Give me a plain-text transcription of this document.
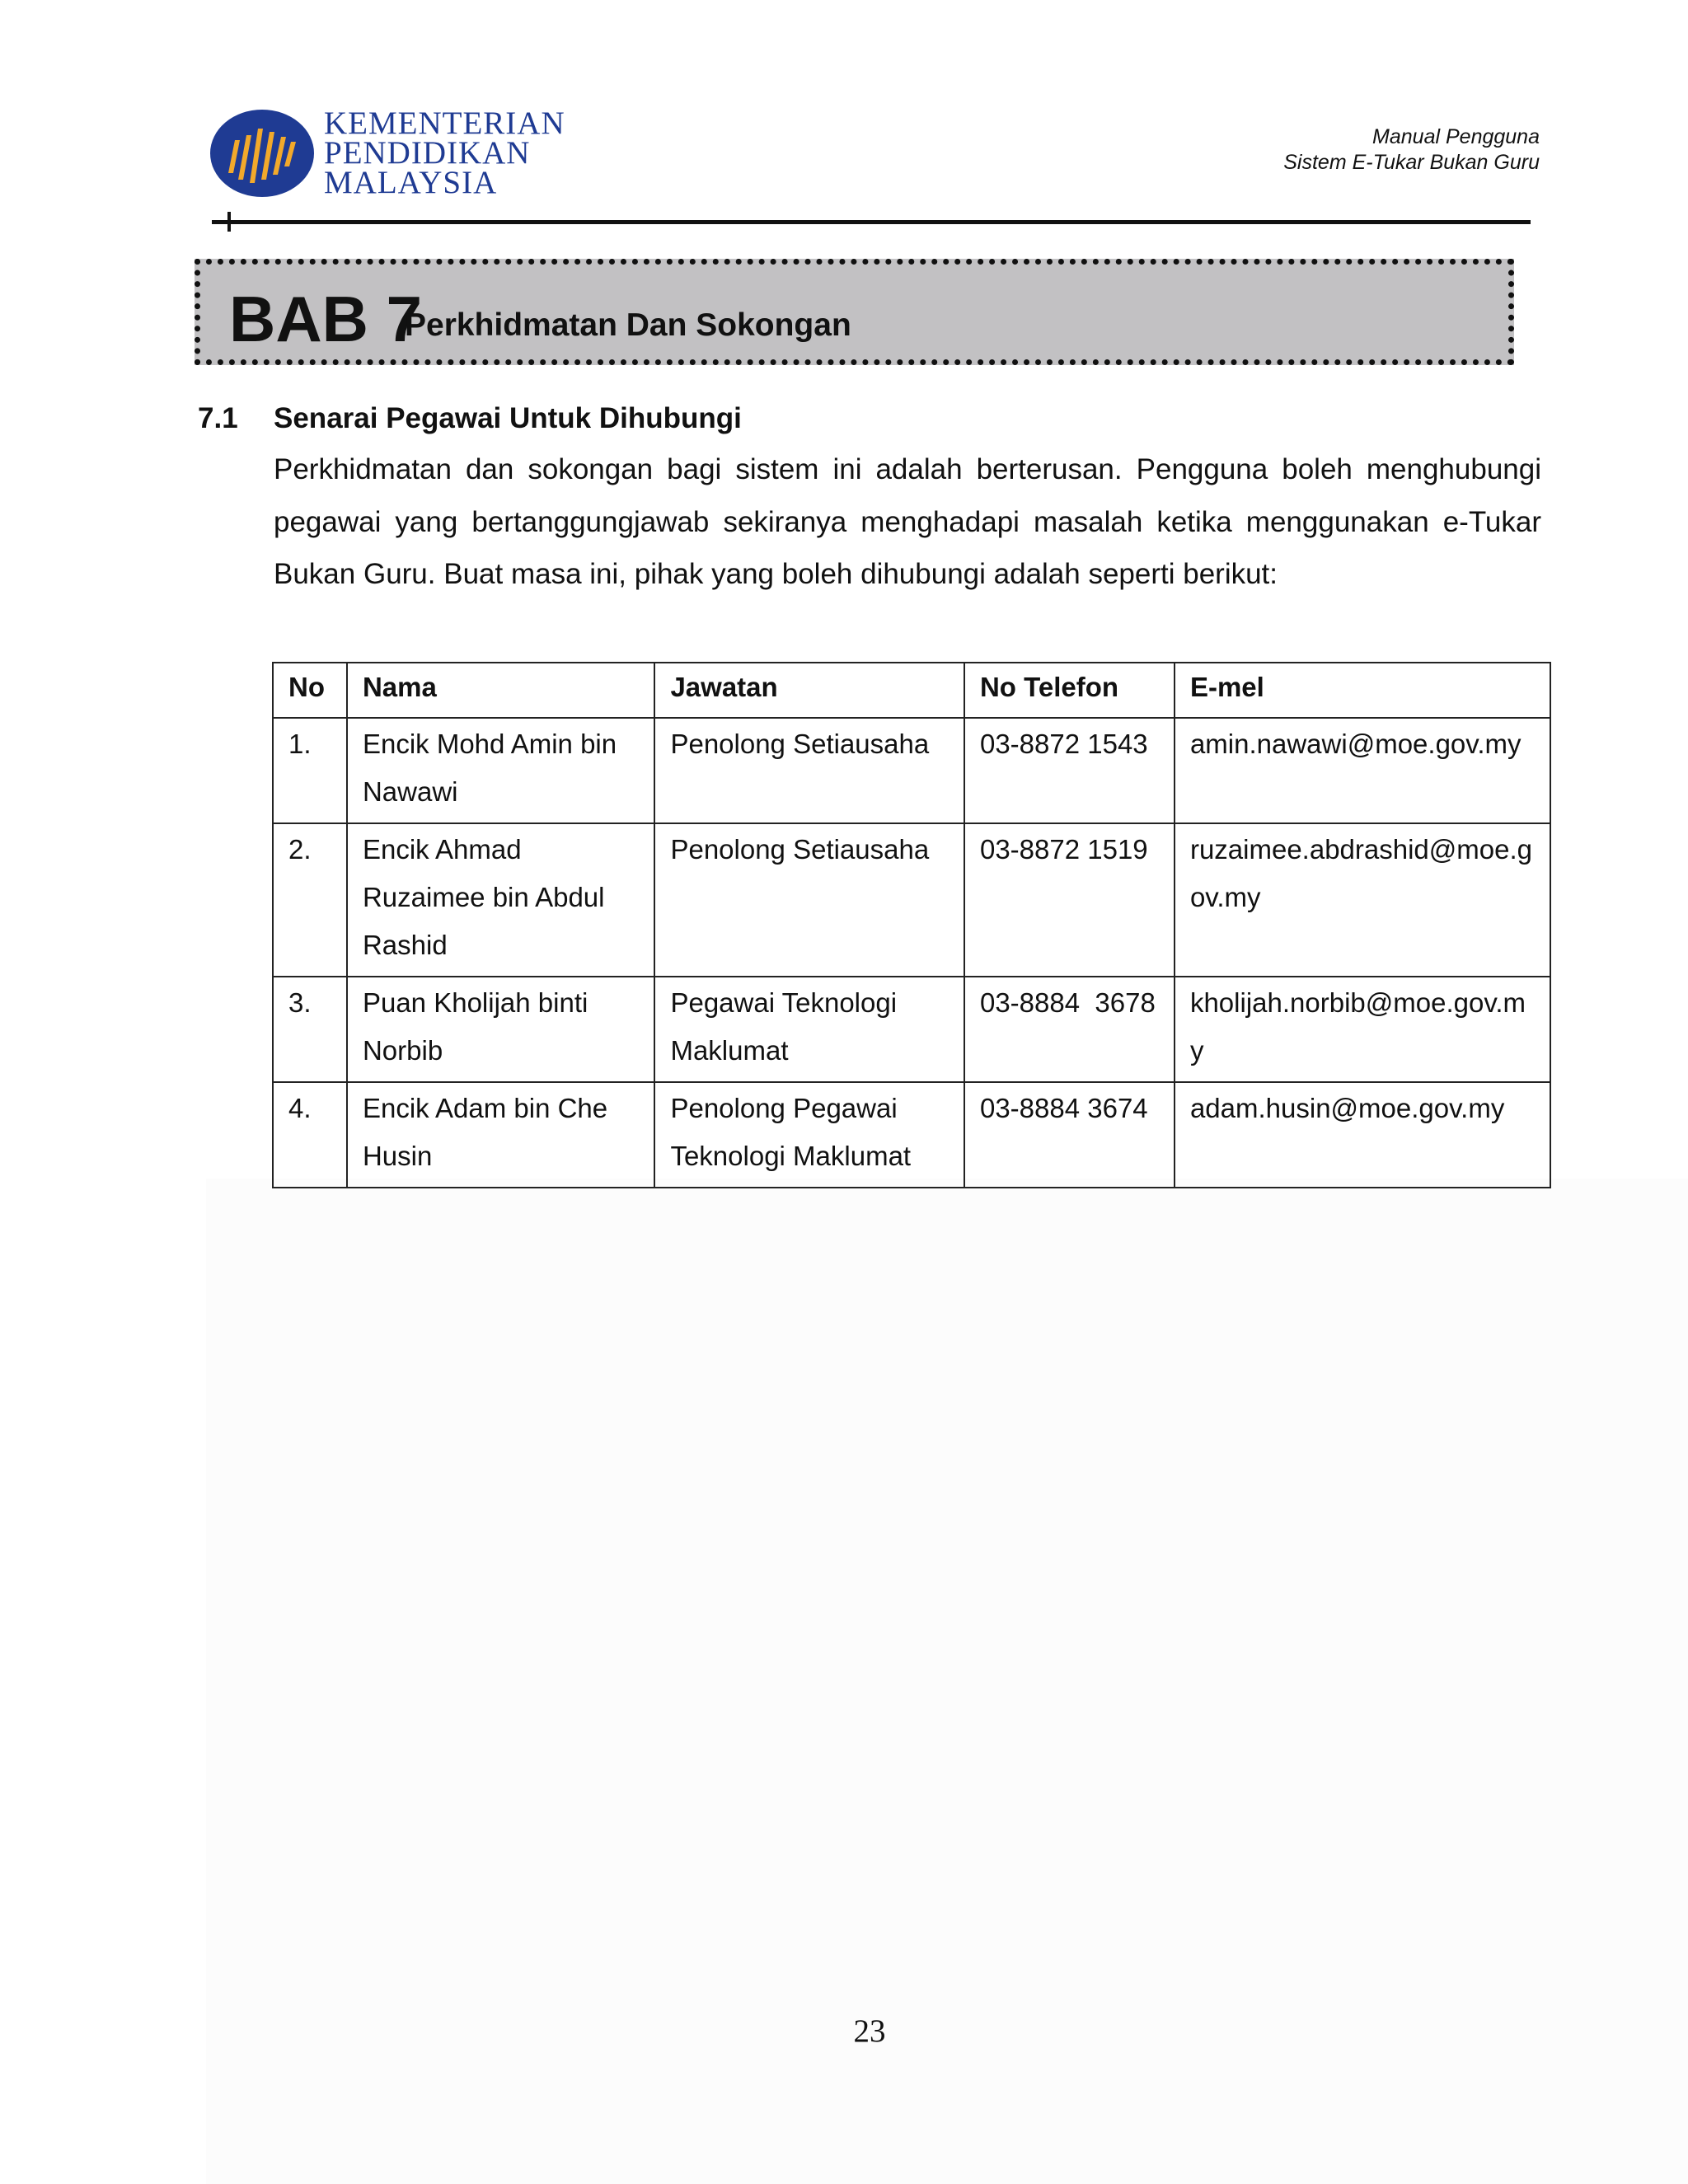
KEMENTERIAN
PENDIDIKAN
MALAYSIA
Manual Pengguna
Sistem E-Tukar Bukan Guru
BAB 7
Perkhidmatan Dan Sokongan
7.1 Senarai Pegawai Untuk Dihubungi

Perkhidmatan dan sokongan bagi sistem ini adalah berterusan. Pengguna boleh menghubungi pegawai yang bertanggungjawab sekiranya menghadapi masalah ketika menggunakan e-Tukar Bukan Guru. Buat masa ini, pihak yang boleh dihubungi adalah seperti berikut:

No	Nama	Jawatan	No Telefon	E-mel

1.	Encik Mohd Amin bin Nawawi	Penolong Setiausaha	03-8872 1543	amin.nawawi@moe.gov.my

2.	Encik Ahmad Ruzaimee bin Abdul Rashid	Penolong Setiausaha	03-8872 1519	ruzaimee.abdrashid@moe.gov.my

3.	Puan Kholijah binti Norbib	Pegawai Teknologi Maklumat	03-8884  3678	kholijah.norbib@moe.gov.my

4.	Encik Adam bin Che Husin	Penolong Pegawai Teknologi Maklumat	03-8884 3674	adam.husin@moe.gov.my
23
